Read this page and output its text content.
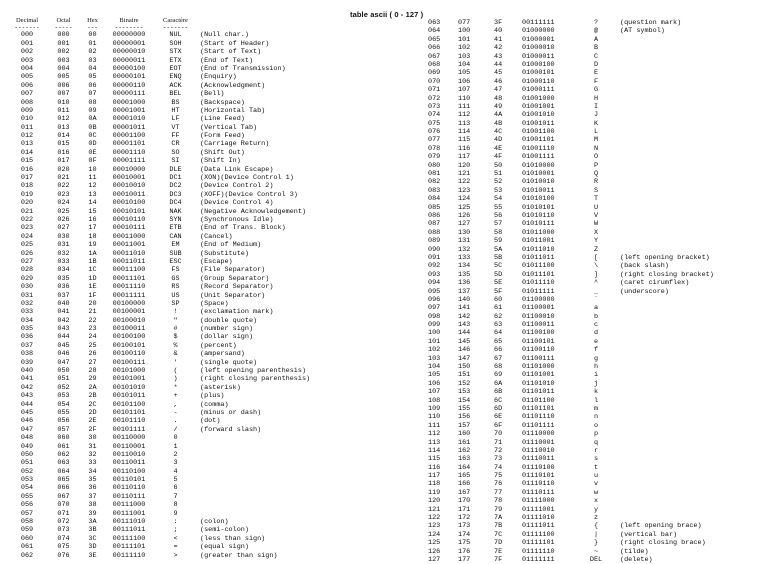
table ascii ( 0 - 127 )
Decimal	Octal	Hex	Binaire	Caractère
-------	-----	---	--------	-------
000	000	00	00000000	NUL	(Null char.)
001	001	01	00000001	SOH	(Start of Header)
002	002	02	00000010	STX	(Start of Text)
003	003	03	00000011	ETX	(End of Text)
004	004	04	00000100	EOT	(End of Transmission)
005	005	05	00000101	ENQ	(Enquiry)
006	006	06	00000110	ACK	(Acknowledgment)
007	007	07	00000111	BEL	(Bell)
008	010	08	00001000	BS	(Backspace)
009	011	09	00001001	HT	(Horizontal Tab)
010	012	0A	00001010	LF	(Line Feed)
011	013	0B	00001011	VT	(Vertical Tab)
012	014	0C	00001100	FF	(Form Feed)
013	015	0D	00001101	CR	(Carriage Return)
014	016	0E	00001110	SO	(Shift Out)
015	017	0F	00001111	SI	(Shift In)
016	020	10	00010000	DLE	(Data Link Escape)
017	021	11	00010001	DC1	(XON)(Device Control 1)
018	022	12	00010010	DC2	(Device Control 2)
019	023	13	00010011	DC3	(XOFF)(Device Control 3)
020	024	14	00010100	DC4	(Device Control 4)
021	025	15	00010101	NAK	(Negative Acknowledgement)
022	026	16	00010110	SYN	(Synchronous Idle)
023	027	17	00010111	ETB	(End of Trans. Block)
024	030	18	00011000	CAN	(Cancel)
025	031	19	00011001	EM	(End of Medium)
026	032	1A	00011010	SUB	(Substitute)
027	033	1B	00011011	ESC	(Escape)
028	034	1C	00011100	FS	(File Separator)
029	035	1D	00011101	GS	(Group Separator)
030	036	1E	00011110	RS	(Record Separator)
031	037	1F	00011111	US	(Unit Separator)
032	040	20	00100000	SP	(Space)
033	041	21	00100001	!	(exclamation mark)
034	042	22	00100010	"	(double quote)
035	043	23	00100011	#	(number sign)
036	044	24	00100100	$	(dollar sign)
037	045	25	00100101	%	(percent)
038	046	26	00100110	&	(ampersand)
039	047	27	00100111	'	(single quote)
040	050	28	00101000	(	(left opening parenthesis)
041	051	29	00101001	)	(right closing parenthesis)
042	052	2A	00101010	*	(asterisk)
043	053	2B	00101011	+	(plus)
044	054	2C	00101100	,	(comma)
045	055	2D	00101101	-	(minus or dash)
046	056	2E	00101110	.	(dot)
047	057	2F	00101111	/	(forward slash)
048	060	30	00110000	0
049	061	31	00110001	1
050	062	32	00110010	2
051	063	33	00110011	3
052	064	34	00110100	4
053	065	35	00110101	5
054	066	36	00110110	6
055	067	37	00110111	7
056	070	38	00111000	8
057	071	39	00111001	9
058	072	3A	00111010	:	(colon)
059	073	3B	00111011	;	(semi-colon)
060	074	3C	00111100	<	(less than sign)
061	075	3D	00111101	=	(equal sign)
062	076	3E	00111110	>	(greater than sign)
063	077	3F	00111111	?	(question mark)
064	100	40	01000000	@	(AT symbol)
065	101	41	01000001	A
066	102	42	01000010	B
067	103	43	01000011	C
068	104	44	01000100	D
069	105	45	01000101	E
070	106	46	01000110	F
071	107	47	01000111	G
072	110	48	01001000	H
073	111	49	01001001	I
074	112	4A	01001010	J
075	113	4B	01001011	K
076	114	4C	01001100	L
077	115	4D	01001101	M
078	116	4E	01001110	N
079	117	4F	01001111	O
080	120	50	01010000	P
081	121	51	01010001	Q
082	122	52	01010010	R
083	123	53	01010011	S
084	124	54	01010100	T
085	125	55	01010101	U
086	126	56	01010110	V
087	127	57	01010111	W
088	130	58	01011000	X
089	131	59	01011001	Y
090	132	5A	01011010	Z
091	133	5B	01011011	[	(left opening bracket)
092	134	5C	01011100	\	(back slash)
093	135	5D	01011101	]	(right closing bracket)
094	136	5E	01011110	^	(caret cirumflex)
095	137	5F	01011111	_	(underscore)
096	140	60	01100000	`
097	141	61	01100001	a
098	142	62	01100010	b
099	143	63	01100011	c
100	144	64	01100100	d
101	145	65	01100101	e
102	146	66	01100110	f
103	147	67	01100111	g
104	150	68	01101000	h
105	151	69	01101001	i
106	152	6A	01101010	j
107	153	6B	01101011	k
108	154	6C	01101100	l
109	155	6D	01101101	m
110	156	6E	01101110	n
111	157	6F	01101111	o
112	160	70	01110000	p
113	161	71	01110001	q
114	162	72	01110010	r
115	163	73	01110011	s
116	164	74	01110100	t
117	165	75	01110101	u
118	166	76	01110110	v
119	167	77	01110111	w
120	170	78	01111000	x
121	171	79	01111001	y
122	172	7A	01111010	z
123	173	7B	01111011	{	(left opening brace)
124	174	7C	01111100	|	(vertical bar)
125	175	7D	01111101	}	(right closing brace)
126	176	7E	01111110	~	(tilde)
127	177	7F	01111111	DEL	(delete)
